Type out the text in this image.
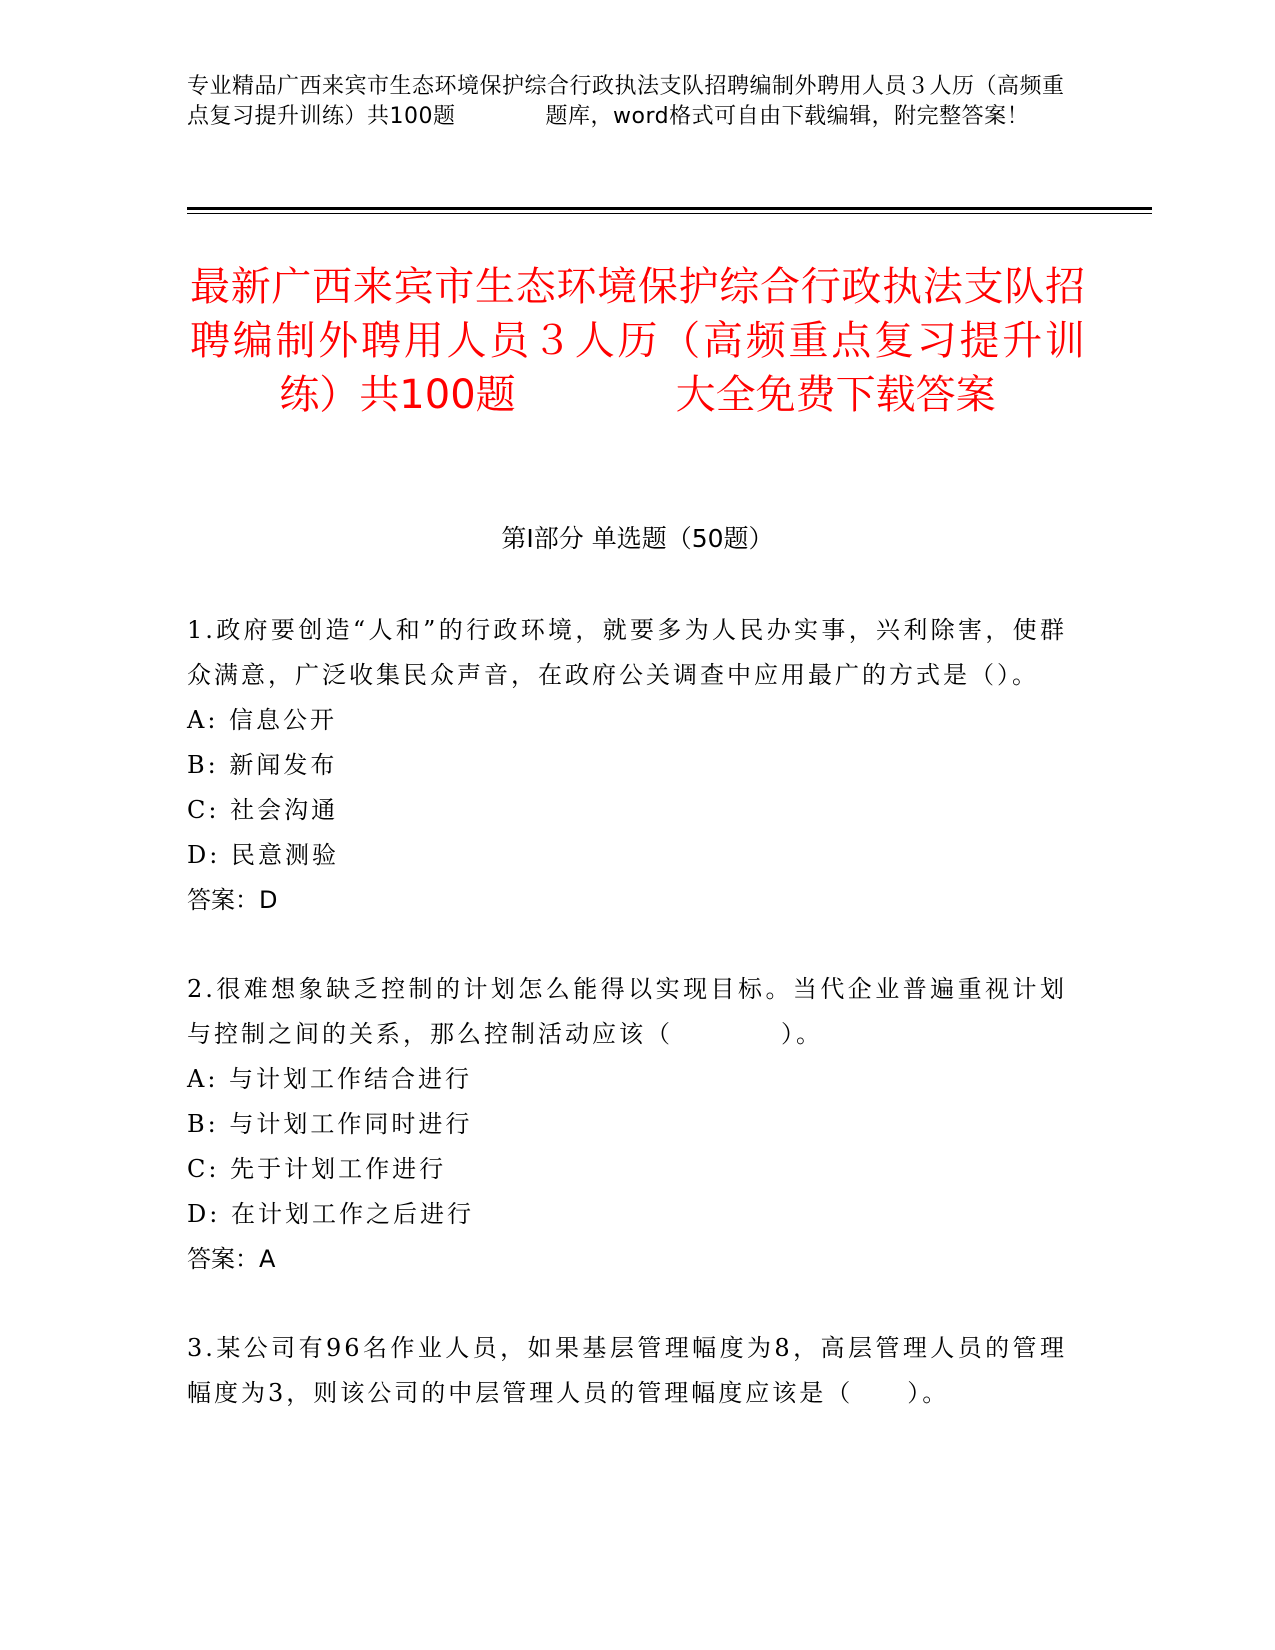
专业精品广西来宾市生态环境保护综合行政执法支队招聘编制外聘用人员３人历（高频重点复习提升训练）共100题　　　　题库，word格式可自由下载编辑，附完整答案！
最新广西来宾市生态环境保护综合行政执法支队招聘编制外聘用人员３人历（高频重点复习提升训练）共100题　　　　大全免费下载答案
第Ⅰ部分 单选题（50题）
1.政府要创造“人和”的行政环境，就要多为人民办实事，兴利除害，使群众满意，广泛收集民众声音，在政府公关调查中应用最广的方式是（）。
A: 信息公开
B: 新闻发布
C: 社会沟通
D: 民意测验
答案：D
2.很难想象缺乏控制的计划怎么能得以实现目标。当代企业普遍重视计划与控制之间的关系，那么控制活动应该（　　　　）。
A: 与计划工作结合进行
B: 与计划工作同时进行
C: 先于计划工作进行
D: 在计划工作之后进行
答案：A
3.某公司有96名作业人员，如果基层管理幅度为8，高层管理人员的管理幅度为3，则该公司的中层管理人员的管理幅度应该是（　　）。
